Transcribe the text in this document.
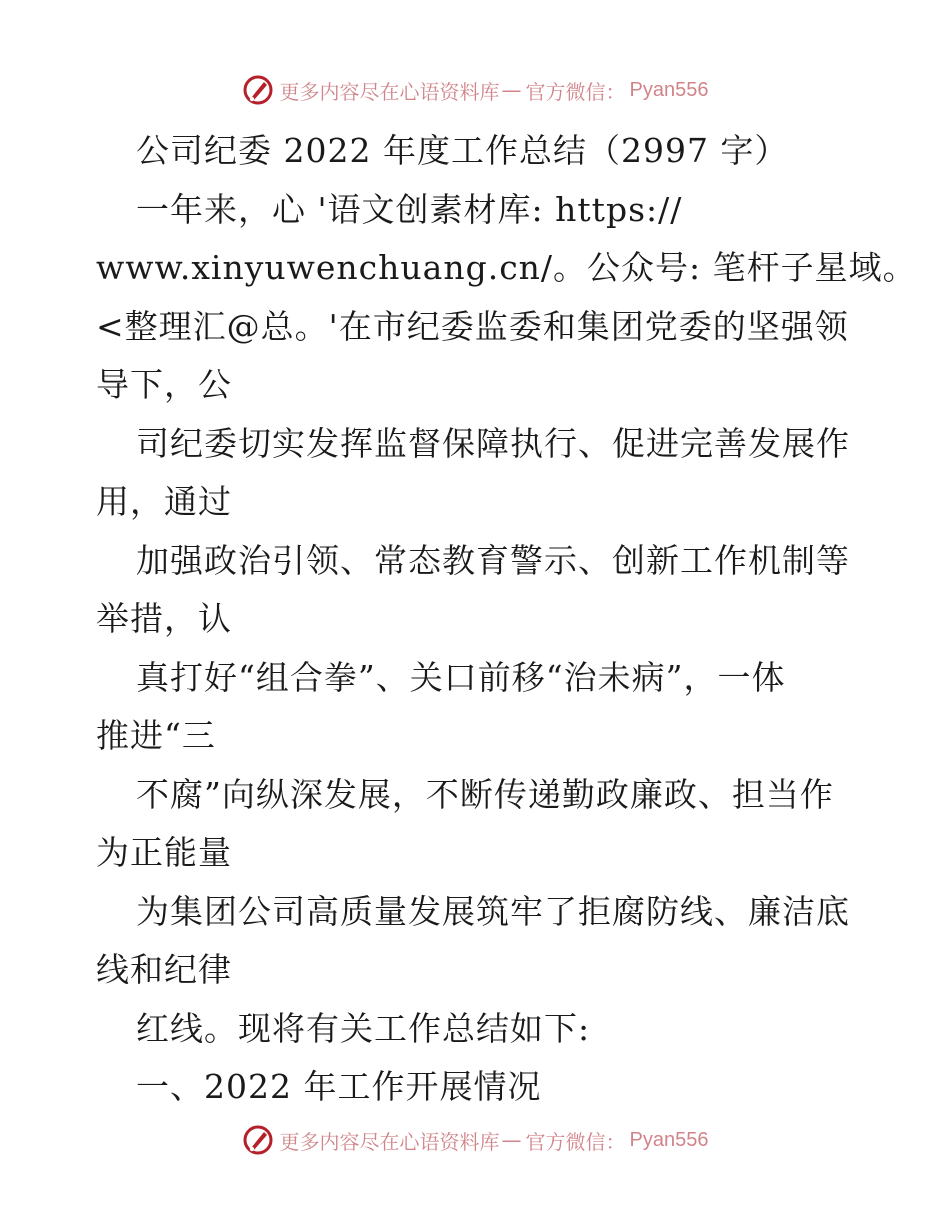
更多内容尽在心语资料库 — 官方微信： Pyan556
公司纪委 2022 年度工作总结（2997 字）
一年来，心 '语文创素材库: https://
www.xinyuwenchuang.cn/。公众号: 笔杆子星域。
<整理汇@总。'在市纪委监委和集团党委的坚强领
导下，公
司纪委切实发挥监督保障执行、促进完善发展作
用，通过
加强政治引领、常态教育警示、创新工作机制等
举措，认
真打好“组合拳”、关口前移“治未病”，一体
推进“三
不腐”向纵深发展，不断传递勤政廉政、担当作
为正能量
为集团公司高质量发展筑牢了拒腐防线、廉洁底
线和纪律
红线。现将有关工作总结如下:
一、2022 年工作开展情况
更多内容尽在心语资料库 — 官方微信： Pyan556
